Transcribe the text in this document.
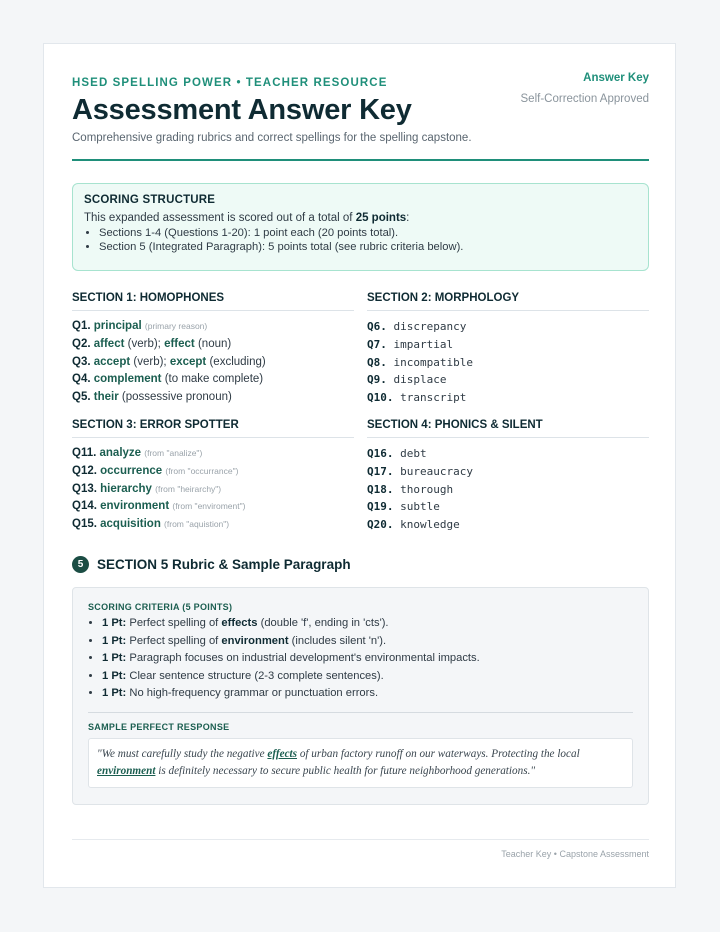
HSED SPELLING POWER • TEACHER RESOURCE
Assessment Answer Key
Comprehensive grading rubrics and correct spellings for the spelling capstone.
Answer Key
Self-Correction Approved
SCORING STRUCTURE
This expanded assessment is scored out of a total of 25 points:
• Sections 1-4 (Questions 1-20): 1 point each (20 points total).
• Section 5 (Integrated Paragraph): 5 points total (see rubric criteria below).
SECTION 1: HOMOPHONES
Q1. principal (primary reason)
Q2. affect (verb); effect (noun)
Q3. accept (verb); except (excluding)
Q4. complement (to make complete)
Q5. their (possessive pronoun)
SECTION 2: MORPHOLOGY
Q6. discrepancy
Q7. impartial
Q8. incompatible
Q9. displace
Q10. transcript
SECTION 3: ERROR SPOTTER
Q11. analyze (from "analize")
Q12. occurrence (from "occurrance")
Q13. hierarchy (from "heirarchy")
Q14. environment (from "enviroment")
Q15. acquisition (from "aquistion")
SECTION 4: PHONICS & SILENT
Q16. debt
Q17. bureaucracy
Q18. thorough
Q19. subtle
Q20. knowledge
5	SECTION 5 Rubric & Sample Paragraph
SCORING CRITERIA (5 POINTS)
• 1 Pt: Perfect spelling of effects (double 'f', ending in 'cts').
• 1 Pt: Perfect spelling of environment (includes silent 'n').
• 1 Pt: Paragraph focuses on industrial development's environmental impacts.
• 1 Pt: Clear sentence structure (2-3 complete sentences).
• 1 Pt: No high-frequency grammar or punctuation errors.
SAMPLE PERFECT RESPONSE
"We must carefully study the negative effects of urban factory runoff on our waterways. Protecting the local environment is definitely necessary to secure public health for future neighborhood generations."
Teacher Key • Capstone Assessment
